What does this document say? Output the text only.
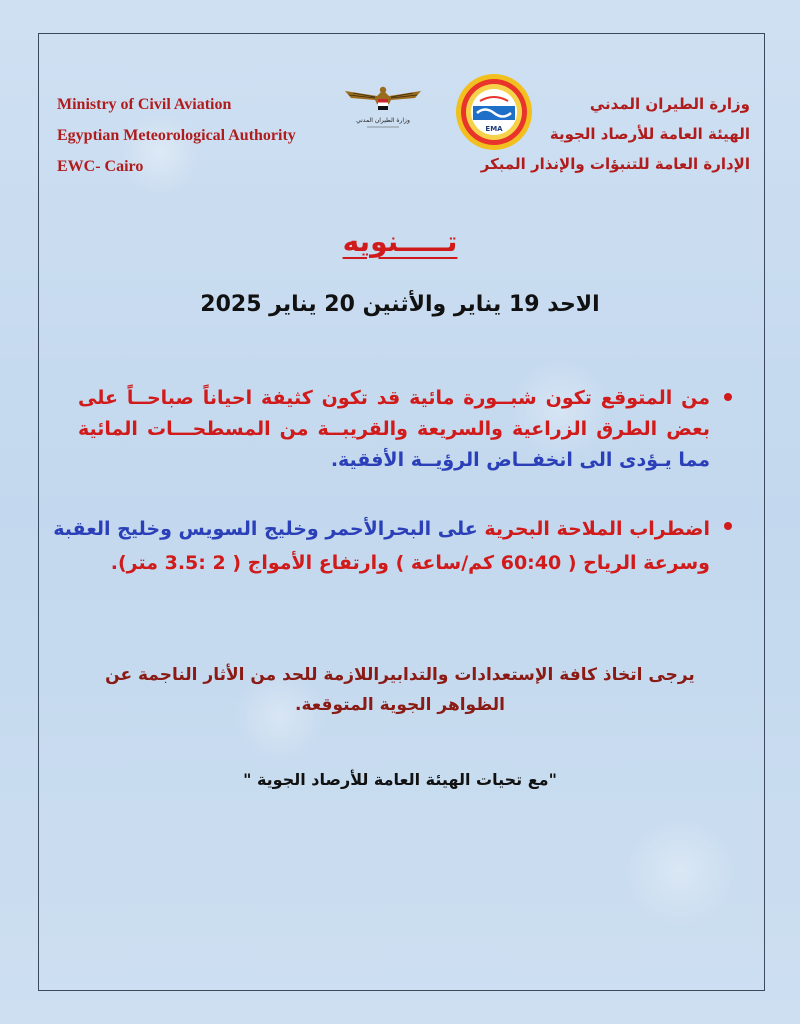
Ministry of Civil Aviation
Egyptian Meteorological Authority
EWC- Cairo
وزارة الطيران المدني
EMA
وزارة الطيران المدني
الهيئة العامة للأرصاد الجوية
الإدارة العامة للتنبؤات والإنذار المبكر
تـــــنويه
الاحد 19 يناير والأثنين 20 يناير 2025
من المتوقع تكون شبــورة مائية قد تكون كثيفة احياناً صباحــاً على بعض الطرق الزراعية والسريعة والقريبــة من المسطحـــات المائية مما يـؤدى الى انخفــاض الرؤيــة الأفقية.
اضطراب الملاحة البحرية على البحرالأحمر وخليج السويس وخليج العقبة
وسرعة الرياح ( 60:40 كم/ساعة ) وارتفاع الأمواج ( 2 :3.5 متر).
يرجى اتخاذ كافة الإستعدادات والتدابيراللازمة للحد من الأثار الناجمة عن
الظواهر الجوية المتوقعة.
"مع تحيات الهيئة العامة للأرصاد الجوية "
